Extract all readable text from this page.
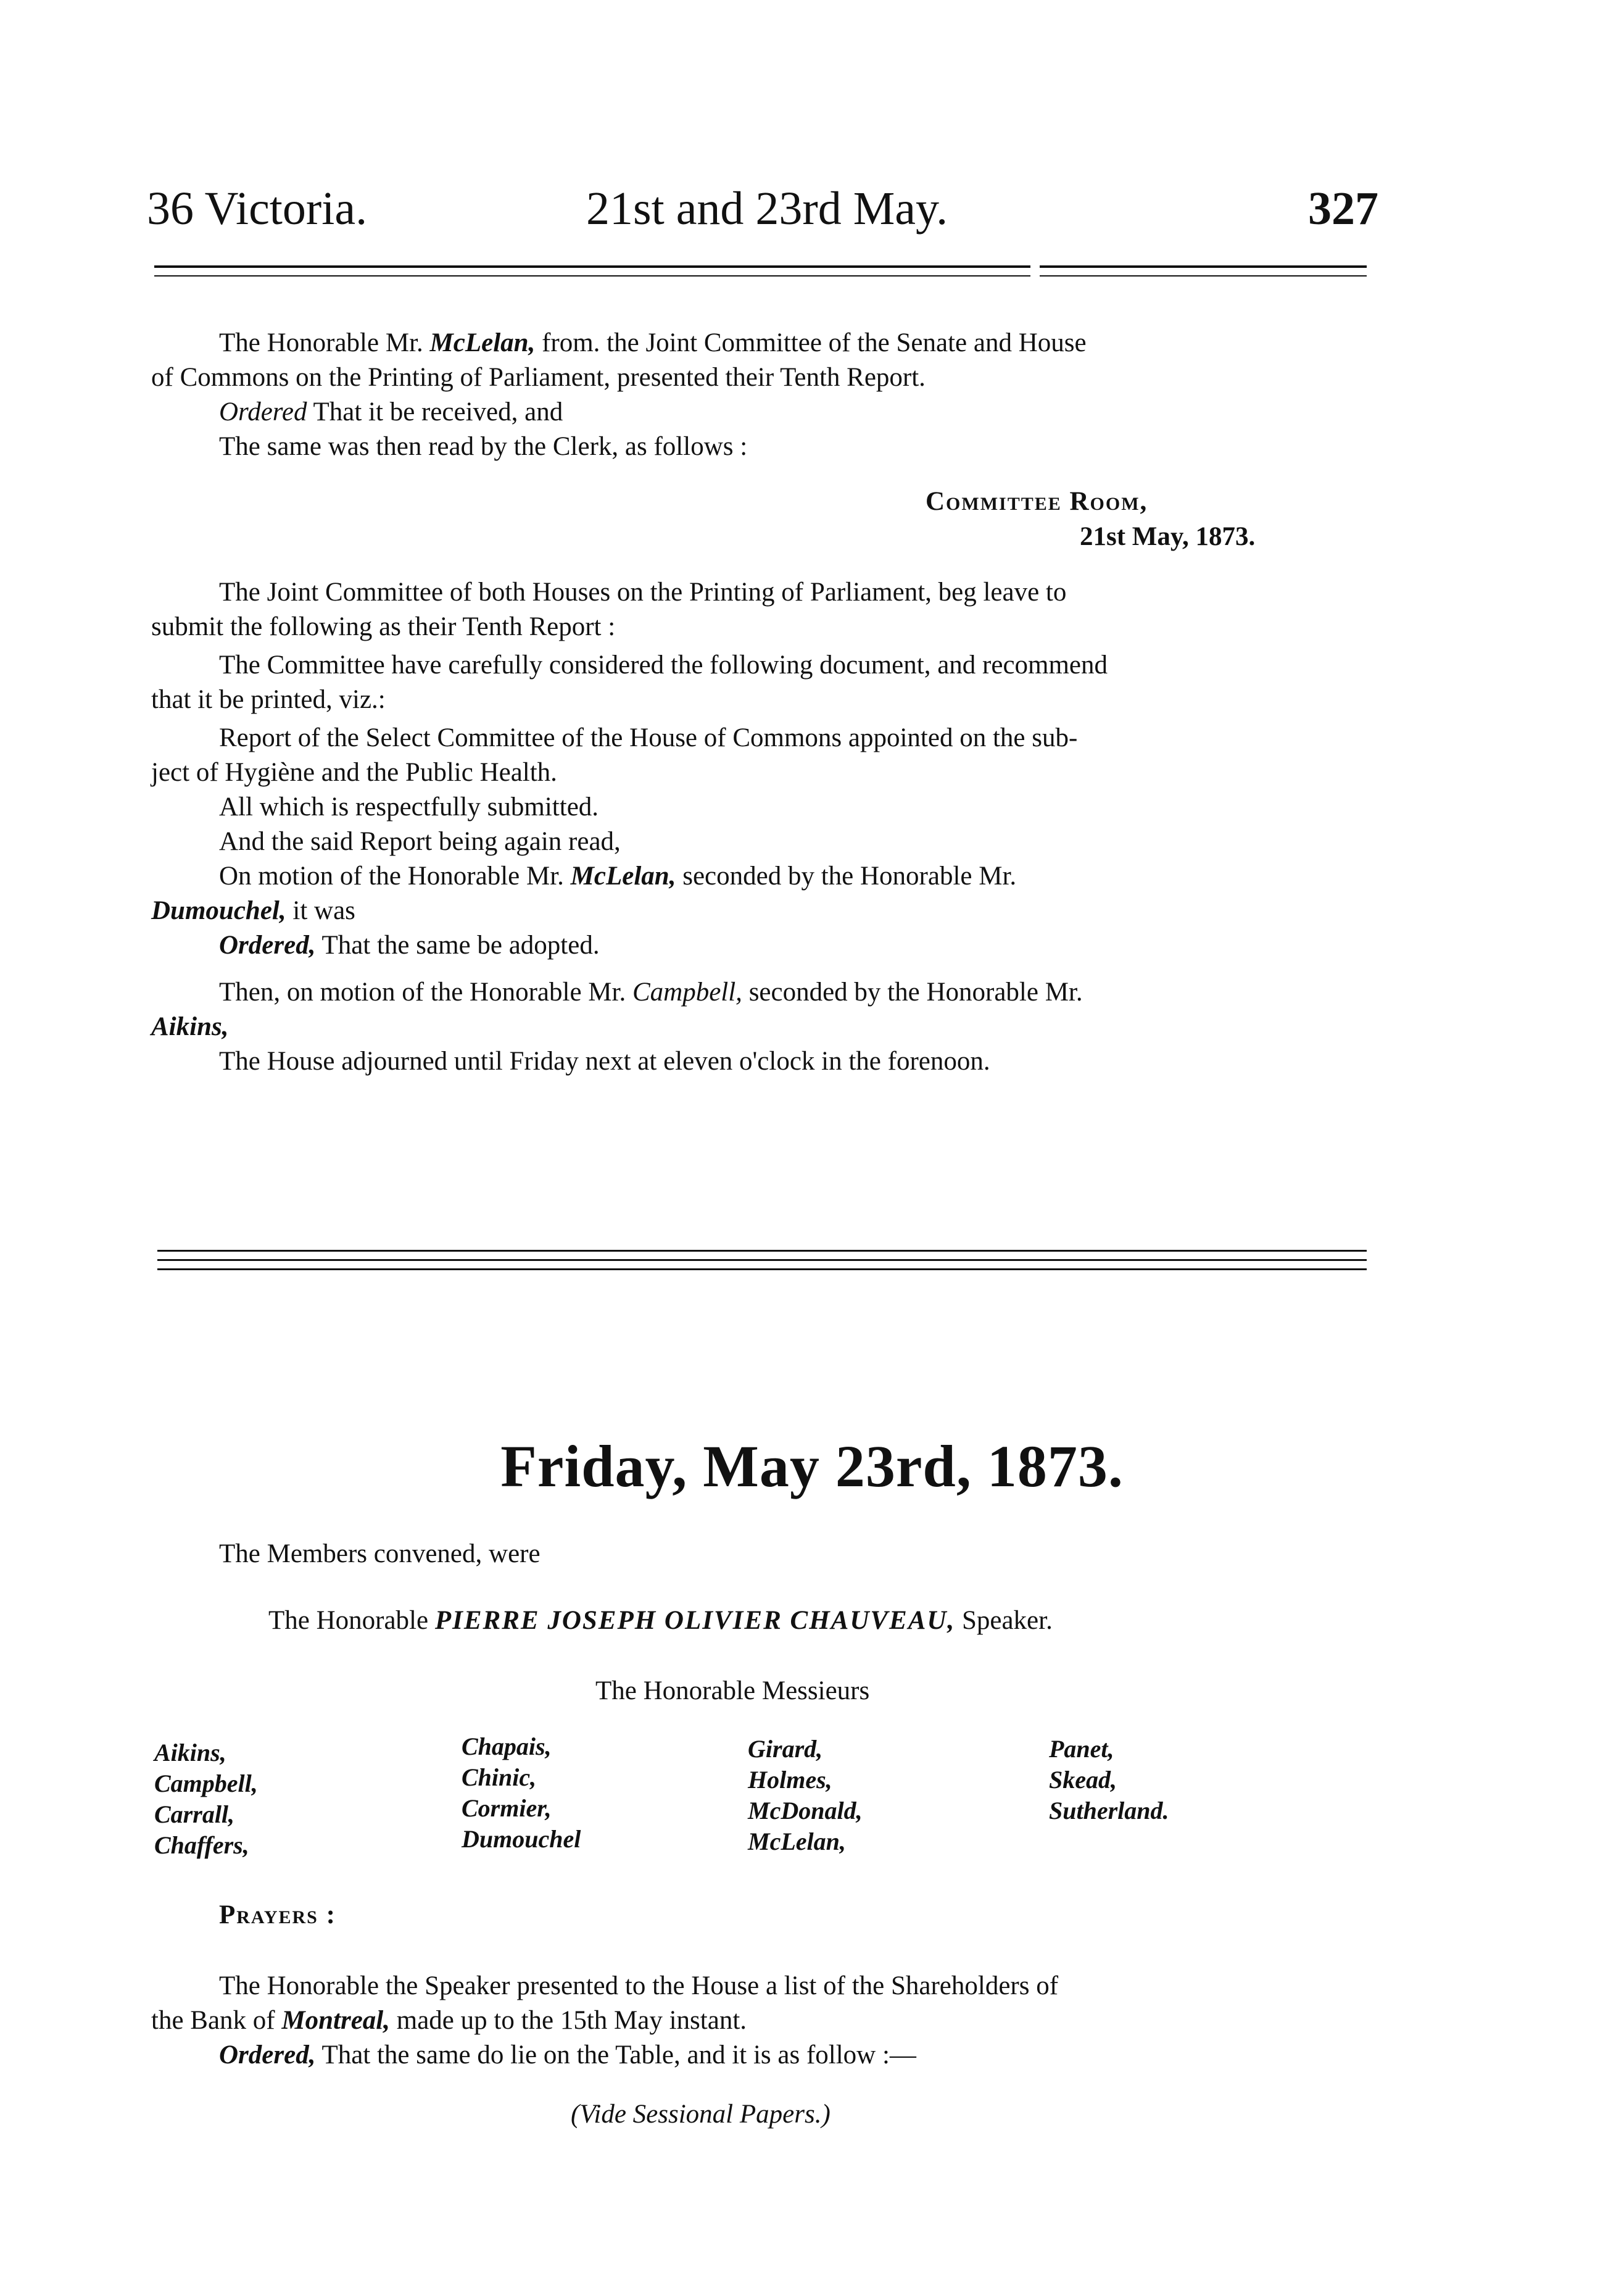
36 Victoria.	21st and 23rd May.	327
The Honorable Mr. McLelan, from. the Joint Committee of the Senate and House
of Commons on the Printing of Parliament, presented their Tenth Report.
Ordered That it be received, and
The same was then read by the Clerk, as follows :
Committee Room,
21st May, 1873.
The Joint Committee of both Houses on the Printing of Parliament, beg leave to
submit the following as their Tenth Report :
The Committee have carefully considered the following document, and recommend
that it be printed, viz.:
Report of the Select Committee of the House of Commons appointed on the sub-
ject of Hygiène and the Public Health.
All which is respectfully submitted.
And the said Report being again read,
On motion of the Honorable Mr. McLelan, seconded by the Honorable Mr.
Dumouchel, it was
Ordered, That the same be adopted.
Then, on motion of the Honorable Mr. Campbell, seconded by the Honorable Mr.
Aikins,
The House adjourned until Friday next at eleven o'clock in the forenoon.
Friday, May 23rd, 1873.
The Members convened, were
The Honorable PIERRE JOSEPH OLIVIER CHAUVEAU, Speaker.
The Honorable Messieurs
Aikins,
Campbell,
Carrall,
Chaffers,
Chapais,
Chinic,
Cormier,
Dumouchel
Girard,
Holmes,
McDonald,
McLelan,
Panet,
Skead,
Sutherland.
Prayers :
The Honorable the Speaker presented to the House a list of the Shareholders of
the Bank of Montreal, made up to the 15th May instant.
Ordered, That the same do lie on the Table, and it is as follow :—
(Vide Sessional Papers.)
